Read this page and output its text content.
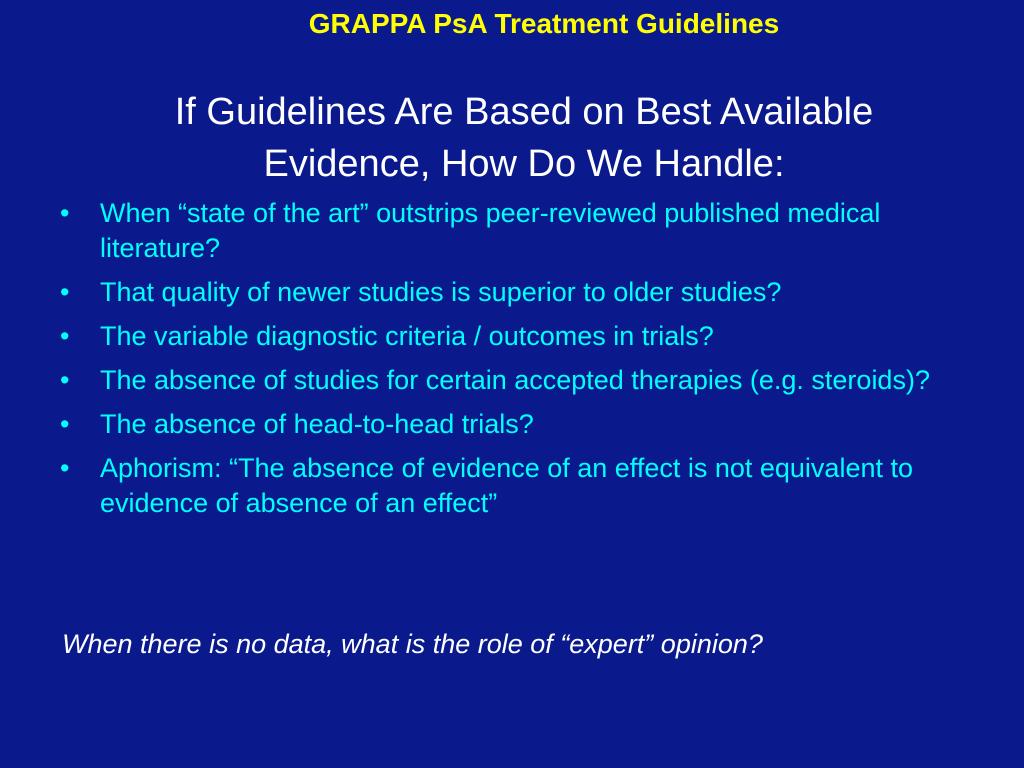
GRAPPA PsA Treatment Guidelines
If Guidelines Are Based on Best Available
Evidence, How Do We Handle:
• When “state of the art” outstrips peer-reviewed published medical literature?
• That quality of newer studies is superior to older studies?
• The variable diagnostic criteria / outcomes in trials?
• The absence of studies for certain accepted therapies (e.g. steroids)?
• The absence of head-to-head trials?
• Aphorism: “The absence of evidence of an effect is not equivalent to evidence of absence of an effect”
When there is no data, what is the role of “expert” opinion?
